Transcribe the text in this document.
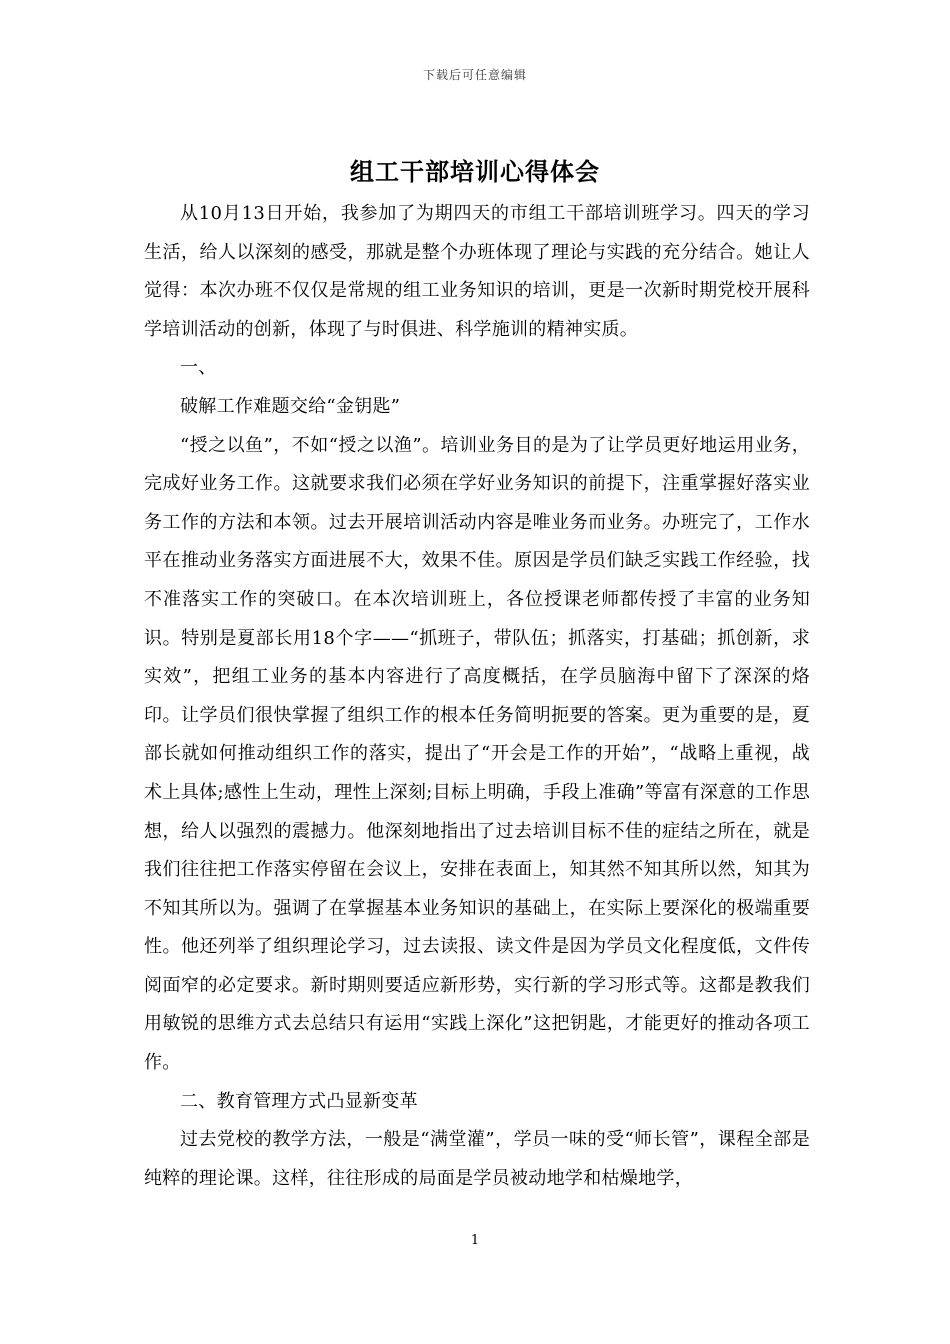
下载后可任意编辑
组工干部培训心得体会

从10月13日开始，我参加了为期四天的市组工干部培训班学习。四天的学习生活，给人以深刻的感受，那就是整个办班体现了理论与实践的充分结合。她让人觉得：本次办班不仅仅是常规的组工业务知识的培训，更是一次新时期党校开展科学培训活动的创新，体现了与时俱进、科学施训的精神实质。

一、

破解工作难题交给“金钥匙”

“授之以鱼”，不如“授之以渔”。培训业务目的是为了让学员更好地运用业务，完成好业务工作。这就要求我们必须在学好业务知识的前提下，注重掌握好落实业务工作的方法和本领。过去开展培训活动内容是唯业务而业务。办班完了，工作水平在推动业务落实方面进展不大，效果不佳。原因是学员们缺乏实践工作经验，找不准落实工作的突破口。在本次培训班上，各位授课老师都传授了丰富的业务知识。特别是夏部长用18个字——“抓班子，带队伍；抓落实，打基础；抓创新，求实效”，把组工业务的基本内容进行了高度概括，在学员脑海中留下了深深的烙印。让学员们很快掌握了组织工作的根本任务简明扼要的答案。更为重要的是，夏部长就如何推动组织工作的落实，提出了“开会是工作的开始”，“战略上重视，战术上具体;感性上生动，理性上深刻;目标上明确，手段上准确”等富有深意的工作思想，给人以强烈的震撼力。他深刻地指出了过去培训目标不佳的症结之所在，就是我们往往把工作落实停留在会议上，安排在表面上，知其然不知其所以然，知其为不知其所以为。强调了在掌握基本业务知识的基础上，在实际上要深化的极端重要性。他还列举了组织理论学习，过去读报、读文件是因为学员文化程度低，文件传阅面窄的必定要求。新时期则要适应新形势，实行新的学习形式等。这都是教我们用敏锐的思维方式去总结只有运用“实践上深化”这把钥匙，才能更好的推动各项工作。

二、教育管理方式凸显新变革

过去党校的教学方法，一般是“满堂灌”，学员一味的受“师长管”，课程全部是纯粹的理论课。这样，往往形成的局面是学员被动地学和枯燥地学，

1
